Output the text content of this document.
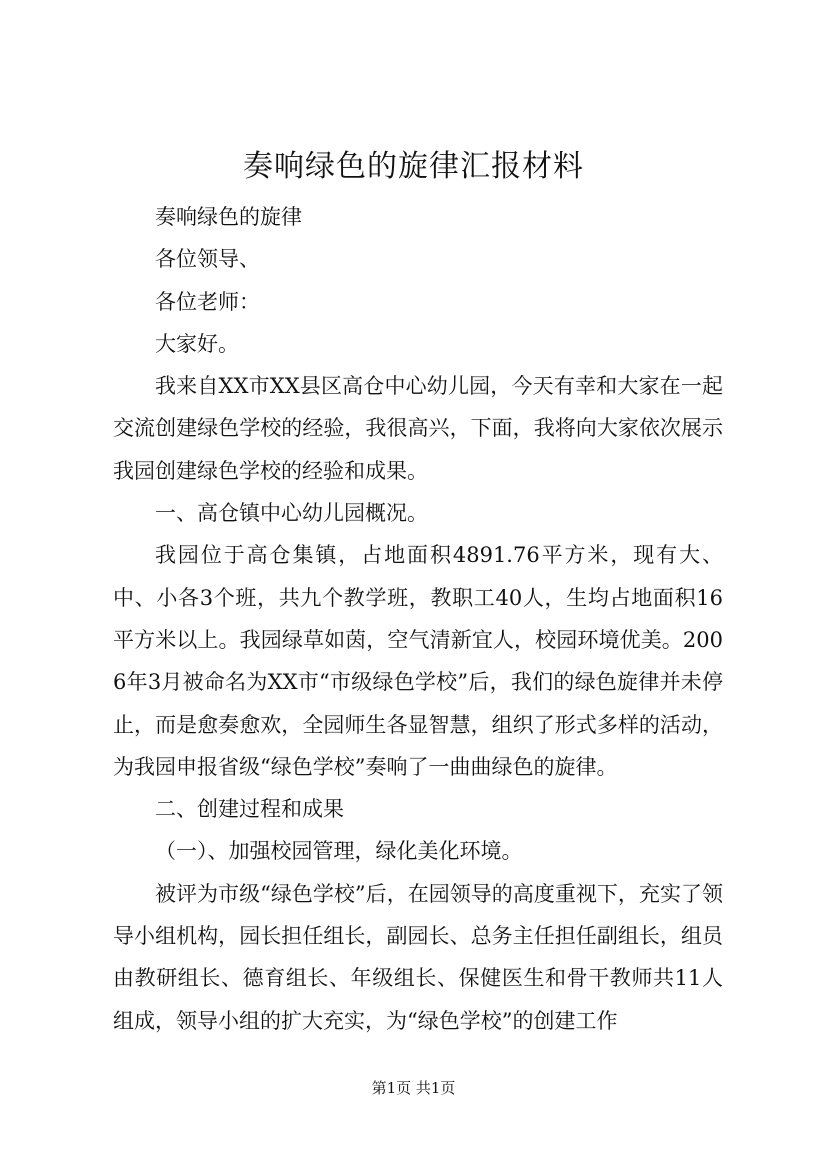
奏响绿色的旋律汇报材料

奏响绿色的旋律

各位领导、

各位老师：

大家好。

我来自XX市XX县区高仓中心幼儿园，今天有幸和大家在一起交流创建绿色学校的经验，我很高兴，下面，我将向大家依次展示我园创建绿色学校的经验和成果。

一、高仓镇中心幼儿园概况。

我园位于高仓集镇，占地面积4891.76平方米，现有大、中、小各3个班，共九个教学班，教职工40人，生均占地面积16平方米以上。我园绿草如茵，空气清新宜人，校园环境优美。2006年3月被命名为XX市“市级绿色学校”后，我们的绿色旋律并未停止，而是愈奏愈欢，全园师生各显智慧，组织了形式多样的活动，为我园申报省级“绿色学校”奏响了一曲曲绿色的旋律。

二、创建过程和成果

（一）、加强校园管理，绿化美化环境。

被评为市级“绿色学校”后，在园领导的高度重视下，充实了领导小组机构，园长担任组长，副园长、总务主任担任副组长，组员由教研组长、德育组长、年级组长、保健医生和骨干教师共11人组成，领导小组的扩大充实，为“绿色学校”的创建工作

第1页 共1页
